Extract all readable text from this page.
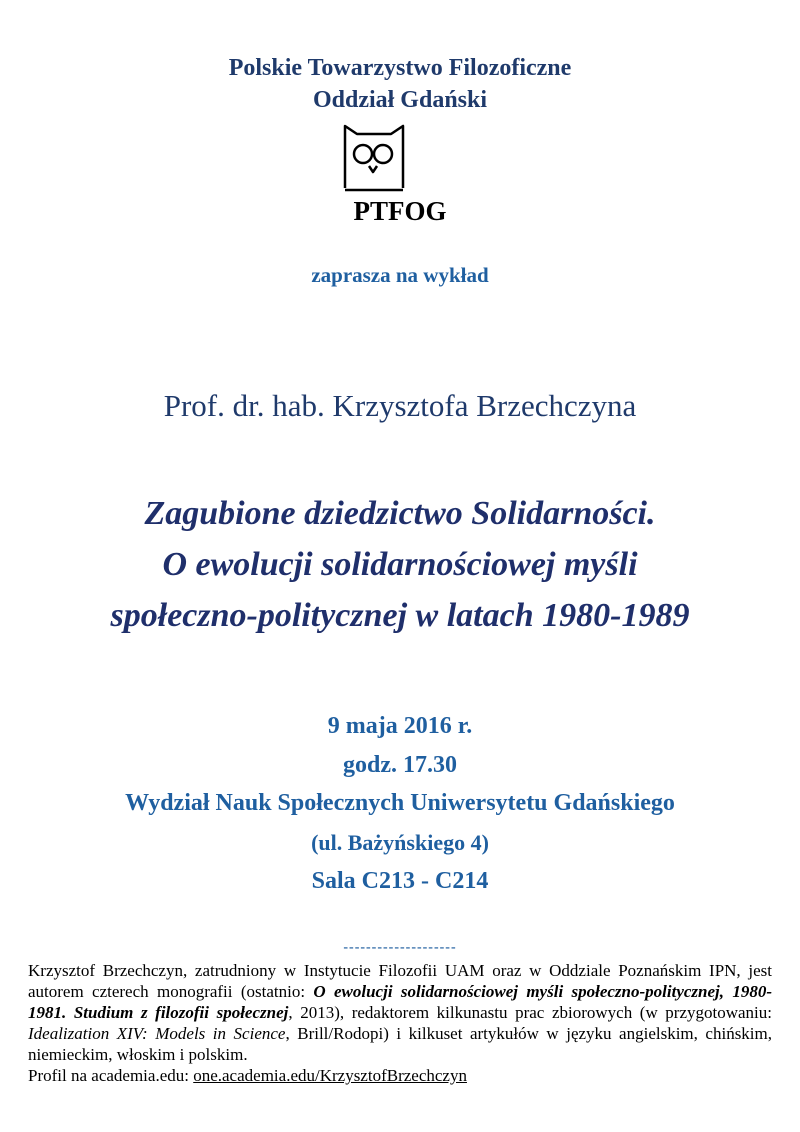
Polskie Towarzystwo Filozoficzne
Oddział Gdański
PTFOG
zaprasza na wykład
Prof. dr. hab. Krzysztofa Brzechczyna
Zagubione dziedzictwo Solidarności.
O ewolucji solidarnościowej myśli
społeczno-politycznej w latach 1980-1989
9 maja 2016 r.
godz. 17.30
Wydział Nauk Społecznych Uniwersytetu Gdańskiego
(ul. Bażyńskiego 4)
Sala C213 - C214
--------------------
Krzysztof Brzechczyn, zatrudniony w Instytucie Filozofii UAM oraz w Oddziale Poznańskim IPN, jest autorem czterech monografii (ostatnio: O ewolucji solidarnościowej myśli społeczno-politycznej, 1980-1981. Studium z filozofii społecznej, 2013), redaktorem kilkunastu prac zbiorowych (w przygotowaniu: Idealization XIV: Models in Science, Brill/Rodopi) i kilkuset artykułów w języku angielskim, chińskim, niemieckim, włoskim i polskim.
Profil na academia.edu: one.academia.edu/KrzysztofBrzechczyn
